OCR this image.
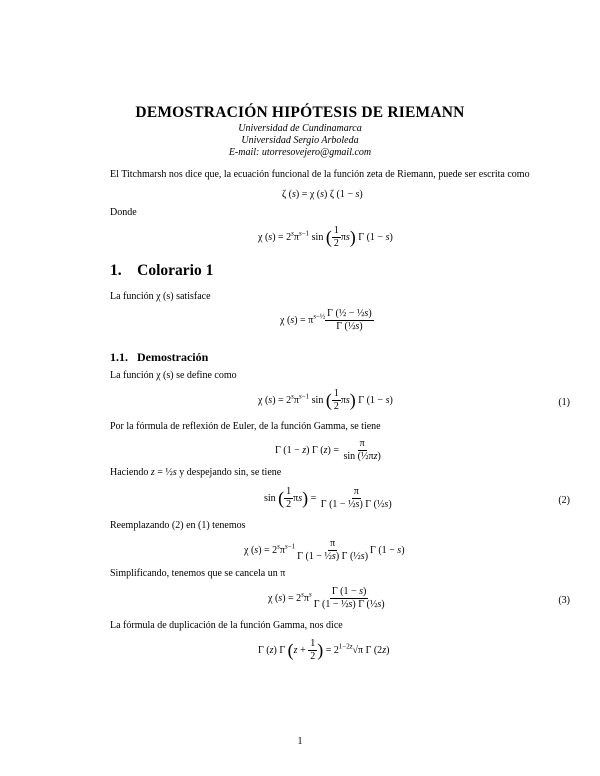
DEMOSTRACIÓN HIPÓTESIS DE RIEMANN
Universidad de Cundinamarca
Universidad Sergio Arboleda
E-mail: utorresovejero@gmail.com
El Titchmarsh nos dice que, la ecuación funcional de la función zeta de Riemann, puede ser escrita como
ζ (s) = χ (s) ζ (1 − s)
Donde
χ $(s) = 2^s\pi^{s-1}$ sin ( $\frac{1}{2} \pi s$) Γ (1 − s)
1. Colorario 1
La función χ (s) satisface
χ $(s) = \pi^{s-\frac{1}{2}} \frac{\text{Γ (½ − ½s)}}{\text{Γ (½s)}}$
1.1. Demostración
La función χ (s) se define como
χ $(s) = 2^s\pi^{s-1}$ sin ( $\frac{1}{2} \pi s$) Γ (1 − s)	(1)
Por la fórmula de reflexión de Euler, de la función Gamma, se tiene
Γ (1 − z) Γ $(z) = \frac{\pi}{\text{sin (½πz)}}$
Haciendo z = ½s y despejando sin, se tiene
sin ( $\frac{1}{2} \pi s) = \frac{\pi}{\text{Γ (1 − ½s) Γ (½s)}}$	(2)
Reemplazando (2) en (1) tenemos
χ $(s) = 2^s\pi^{s-1} \frac{\pi}{\text{Γ (1 − ½s) Γ (½s)}}$ Γ (1 − s)
Simplificando, tenemos que se cancela un π
χ $(s) = 2^s\pi^s \frac{\Gamma (1 - s)}{\text{Γ (1 − ½s) Γ (½s)}}$	(3)
La fórmula de duplicación de la función Gamma, nos dice
Γ (z) Γ ($z + \frac{1}{2}$ ) = $2^{1-2z}√\pi$ Γ (2z)
1
